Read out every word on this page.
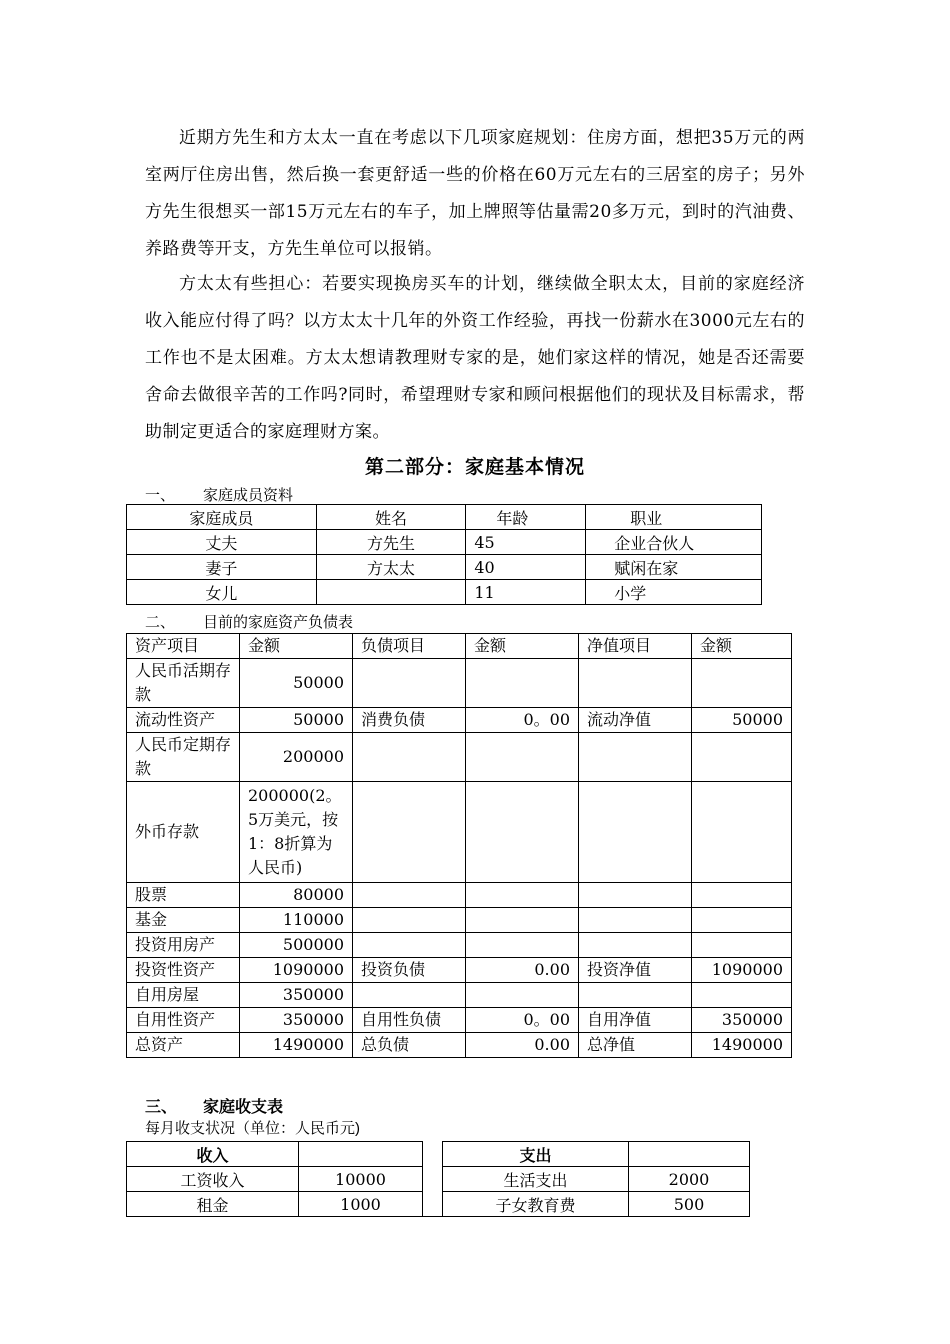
近期方先生和方太太一直在考虑以下几项家庭规划：住房方面，想把35万元的两室两厅住房出售，然后换一套更舒适一些的价格在60万元左右的三居室的房子；另外方先生很想买一部15万元左右的车子，加上牌照等估量需20多万元，到时的汽油费、养路费等开支，方先生单位可以报销。

方太太有些担心：若要实现换房买车的计划，继续做全职太太，目前的家庭经济收入能应付得了吗？以方太太十几年的外资工作经验，再找一份薪水在3000元左右的工作也不是太困难。方太太想请教理财专家的是，她们家这样的情况，她是否还需要舍命去做很辛苦的工作吗?同时，希望理财专家和顾问根据他们的现状及目标需求，帮助制定更适合的家庭理财方案。

第二部分：家庭基本情况
一、 家庭成员资料
家庭成员	姓名	年龄	职业
丈夫	方先生	45	企业合伙人
妻子	方太太	40	赋闲在家
女儿		11	小学
二、 目前的家庭资产负债表
资产项目	金额	负债项目	金额	净值项目	金额
人民币活期存款	50000				
流动性资产	50000	消费负债	0。00	流动净值	50000
人民币定期存款	200000				
外币存款	200000(2。5万美元，按1：8折算为人民币)				
股票	80000				
基金	110000				
投资用房产	500000				
投资性资产	1090000	投资负债	0.00	投资净值	1090000
自用房屋	350000				
自用性资产	350000	自用性负债	0。00	自用净值	350000
总资产	1490000	总负债	0.00	总净值	1490000
三、 家庭收支表
每月收支状况（单位：人民币元)
收入			支出	
工资收入	10000		生活支出	2000
租金	1000		子女教育费	500
